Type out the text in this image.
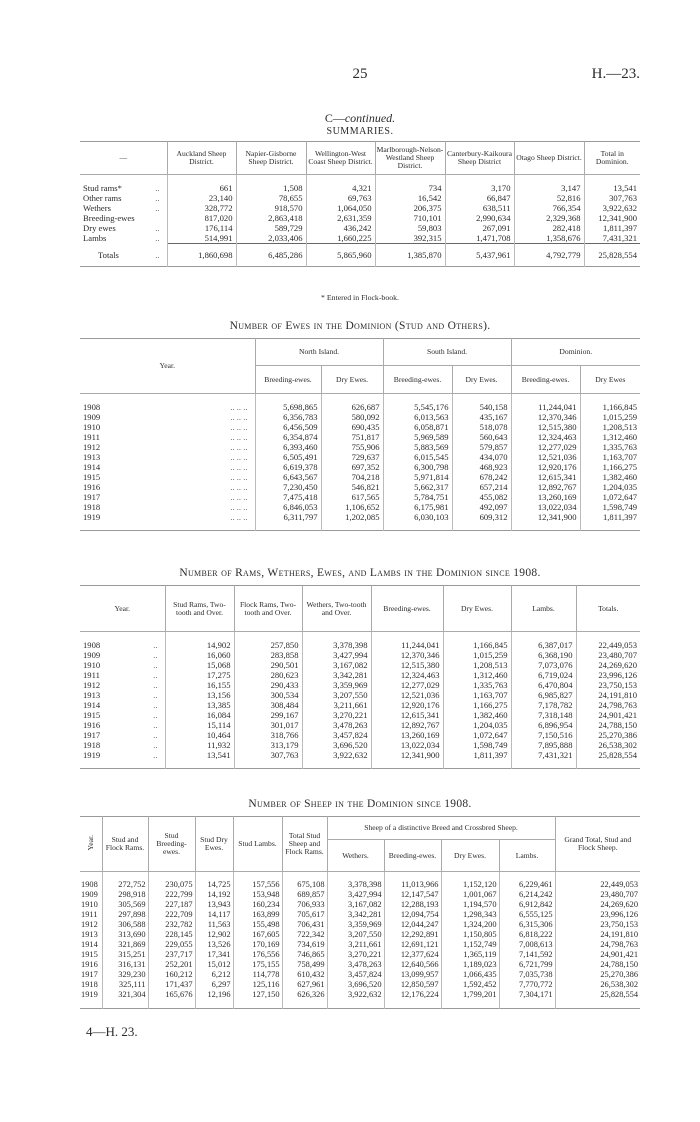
25	H.—23.
C—continued.
SUMMARIES.
—	Auckland Sheep District.	Napier-Gisborne Sheep District.	Wellington-West Coast Sheep District.	Marlborough-Nelson-Westland Sheep District.	Canterbury-Kaikoura Sheep District	Otago Sheep District.	Total in Dominion.

Stud rams* ..	661	1,508	4,321	734	3,170	3,147	13,541
Other rams ..	23,140	78,655	69,763	16,542	66,847	52,816	307,763
Wethers ..	328,772	918,570	1,064,050	206,375	638,511	766,354	3,922,632
Breeding-ewes	817,020	2,863,418	2,631,359	710,101	2,990,634	2,329,368	12,341,900
Dry ewes ..	176,114	589,729	436,242	59,803	267,091	282,418	1,811,397
Lambs ..	514,991	2,033,406	1,660,225	392,315	1,471,708	1,358,676	7,431,321
Totals ..	1,860,698	6,485,286	5,865,960	1,385,870	5,437,961	4,792,779	25,828,554
* Entered in Flock-book.
Number of Ewes in the Dominion (Stud and Others).
Year.	North Island.		South Island.		Dominion.	
	Breeding-ewes.	Dry Ewes.	Breeding-ewes.	Dry Ewes.	Breeding-ewes.	Dry Ewes

1908 .. .. ..	5,698,865	626,687	5,545,176	540,158	11,244,041	1,166,845
1909 .. .. ..	6,356,783	580,092	6,013,563	435,167	12,370,346	1,015,259
1910 .. .. ..	6,456,509	690,435	6,058,871	518,078	12,515,380	1,208,513
1911 .. .. ..	6,354,874	751,817	5,969,589	560,643	12,324,463	1,312,460
1912 .. .. ..	6,393,460	755,906	5,883,569	579,857	12,277,029	1,335,763
1913 .. .. ..	6,505,491	729,637	6,015,545	434,070	12,521,036	1,163,707
1914 .. .. ..	6,619,378	697,352	6,300,798	468,923	12,920,176	1,166,275
1915 .. .. ..	6,643,567	704,218	5,971,814	678,242	12,615,341	1,382,460
1916 .. .. ..	7,230,450	546,821	5,662,317	657,214	12,892,767	1,204,035
1917 .. .. ..	7,475,418	617,565	5,784,751	455,082	13,260,169	1,072,647
1918 .. .. ..	6,846,053	1,106,652	6,175,981	492,097	13,022,034	1,598,749
1919 .. .. ..	6,311,797	1,202,085	6,030,103	609,312	12,341,900	1,811,397

Number of Rams, Wethers, Ewes, and Lambs in the Dominion since 1908.
Year.	Stud Rams, Two-tooth and Over.	Flock Rams, Two-tooth and Over.	Wethers, Two-tooth and Over.	Breeding-ewes.	Dry Ewes.	Lambs.	Totals.

1908 ..	14,902	257,850	3,378,398	11,244,041	1,166,845	6,387,017	22,449,053
1909 ..	16,060	283,858	3,427,994	12,370,346	1,015,259	6,368,190	23,480,707
1910 ..	15,068	290,501	3,167,082	12,515,380	1,208,513	7,073,076	24,269,620
1911 ..	17,275	280,623	3,342,281	12,324,463	1,312,460	6,719,024	23,996,126
1912 ..	16,155	290,433	3,359,969	12,277,029	1,335,763	6,470,804	23,750,153
1913 ..	13,156	300,534	3,207,550	12,521,036	1,163,707	6,985,827	24,191,810
1914 ..	13,385	308,484	3,211,661	12,920,176	1,166,275	7,178,782	24,798,763
1915 ..	16,084	299,167	3,270,221	12,615,341	1,382,460	7,318,148	24,901,421
1916 ..	15,114	301,017	3,478,263	12,892,767	1,204,035	6,896,954	24,788,150
1917 ..	10,464	318,766	3,457,824	13,260,169	1,072,647	7,150,516	25,270,386
1918 ..	11,932	313,179	3,696,520	13,022,034	1,598,749	7,895,888	26,538,302
1919 ..	13,541	307,763	3,922,632	12,341,900	1,811,397	7,431,321	25,828,554

Number of Sheep in the Dominion since 1908.
Year.	Stud and Flock Rams.	Stud Breeding-ewes.	Stud Dry Ewes.	Stud Lambs.	Total Stud Sheep and Flock Rams.	Sheep of a distinctive Breed and Crossbred Sheep.				Grand Total, Stud and Flock Sheep.
						Wethers.	Breeding-ewes.	Dry Ewes.	Lambs.	

1908	272,752	230,075	14,725	157,556	675,108	3,378,398	11,013,966	1,152,120	6,229,461	22,449,053
1909	298,918	222,799	14,192	153,948	689,857	3,427,994	12,147,547	1,001,067	6,214,242	23,480,707
1910	305,569	227,187	13,943	160,234	706,933	3,167,082	12,288,193	1,194,570	6,912,842	24,269,620
1911	297,898	222,709	14,117	163,899	705,617	3,342,281	12,094,754	1,298,343	6,555,125	23,996,126
1912	306,588	232,782	11,563	155,498	706,431	3,359,969	12,044,247	1,324,200	6,315,306	23,750,153
1913	313,690	228,145	12,902	167,605	722,342	3,207,550	12,292,891	1,150,805	6,818,222	24,191,810
1914	321,869	229,055	13,526	170,169	734,619	3,211,661	12,691,121	1,152,749	7,008,613	24,798,763
1915	315,251	237,717	17,341	176,556	746,865	3,270,221	12,377,624	1,365,119	7,141,592	24,901,421
1916	316,131	252,201	15,012	175,155	758,499	3,478,263	12,640,566	1,189,023	6,721,799	24,788,150
1917	329,230	160,212	6,212	114,778	610,432	3,457,824	13,099,957	1,066,435	7,035,738	25,270,386
1918	325,111	171,437	6,297	125,116	627,961	3,696,520	12,850,597	1,592,452	7,770,772	26,538,302
1919	321,304	165,676	12,196	127,150	626,326	3,922,632	12,176,224	1,799,201	7,304,171	25,828,554

4—H. 23.
